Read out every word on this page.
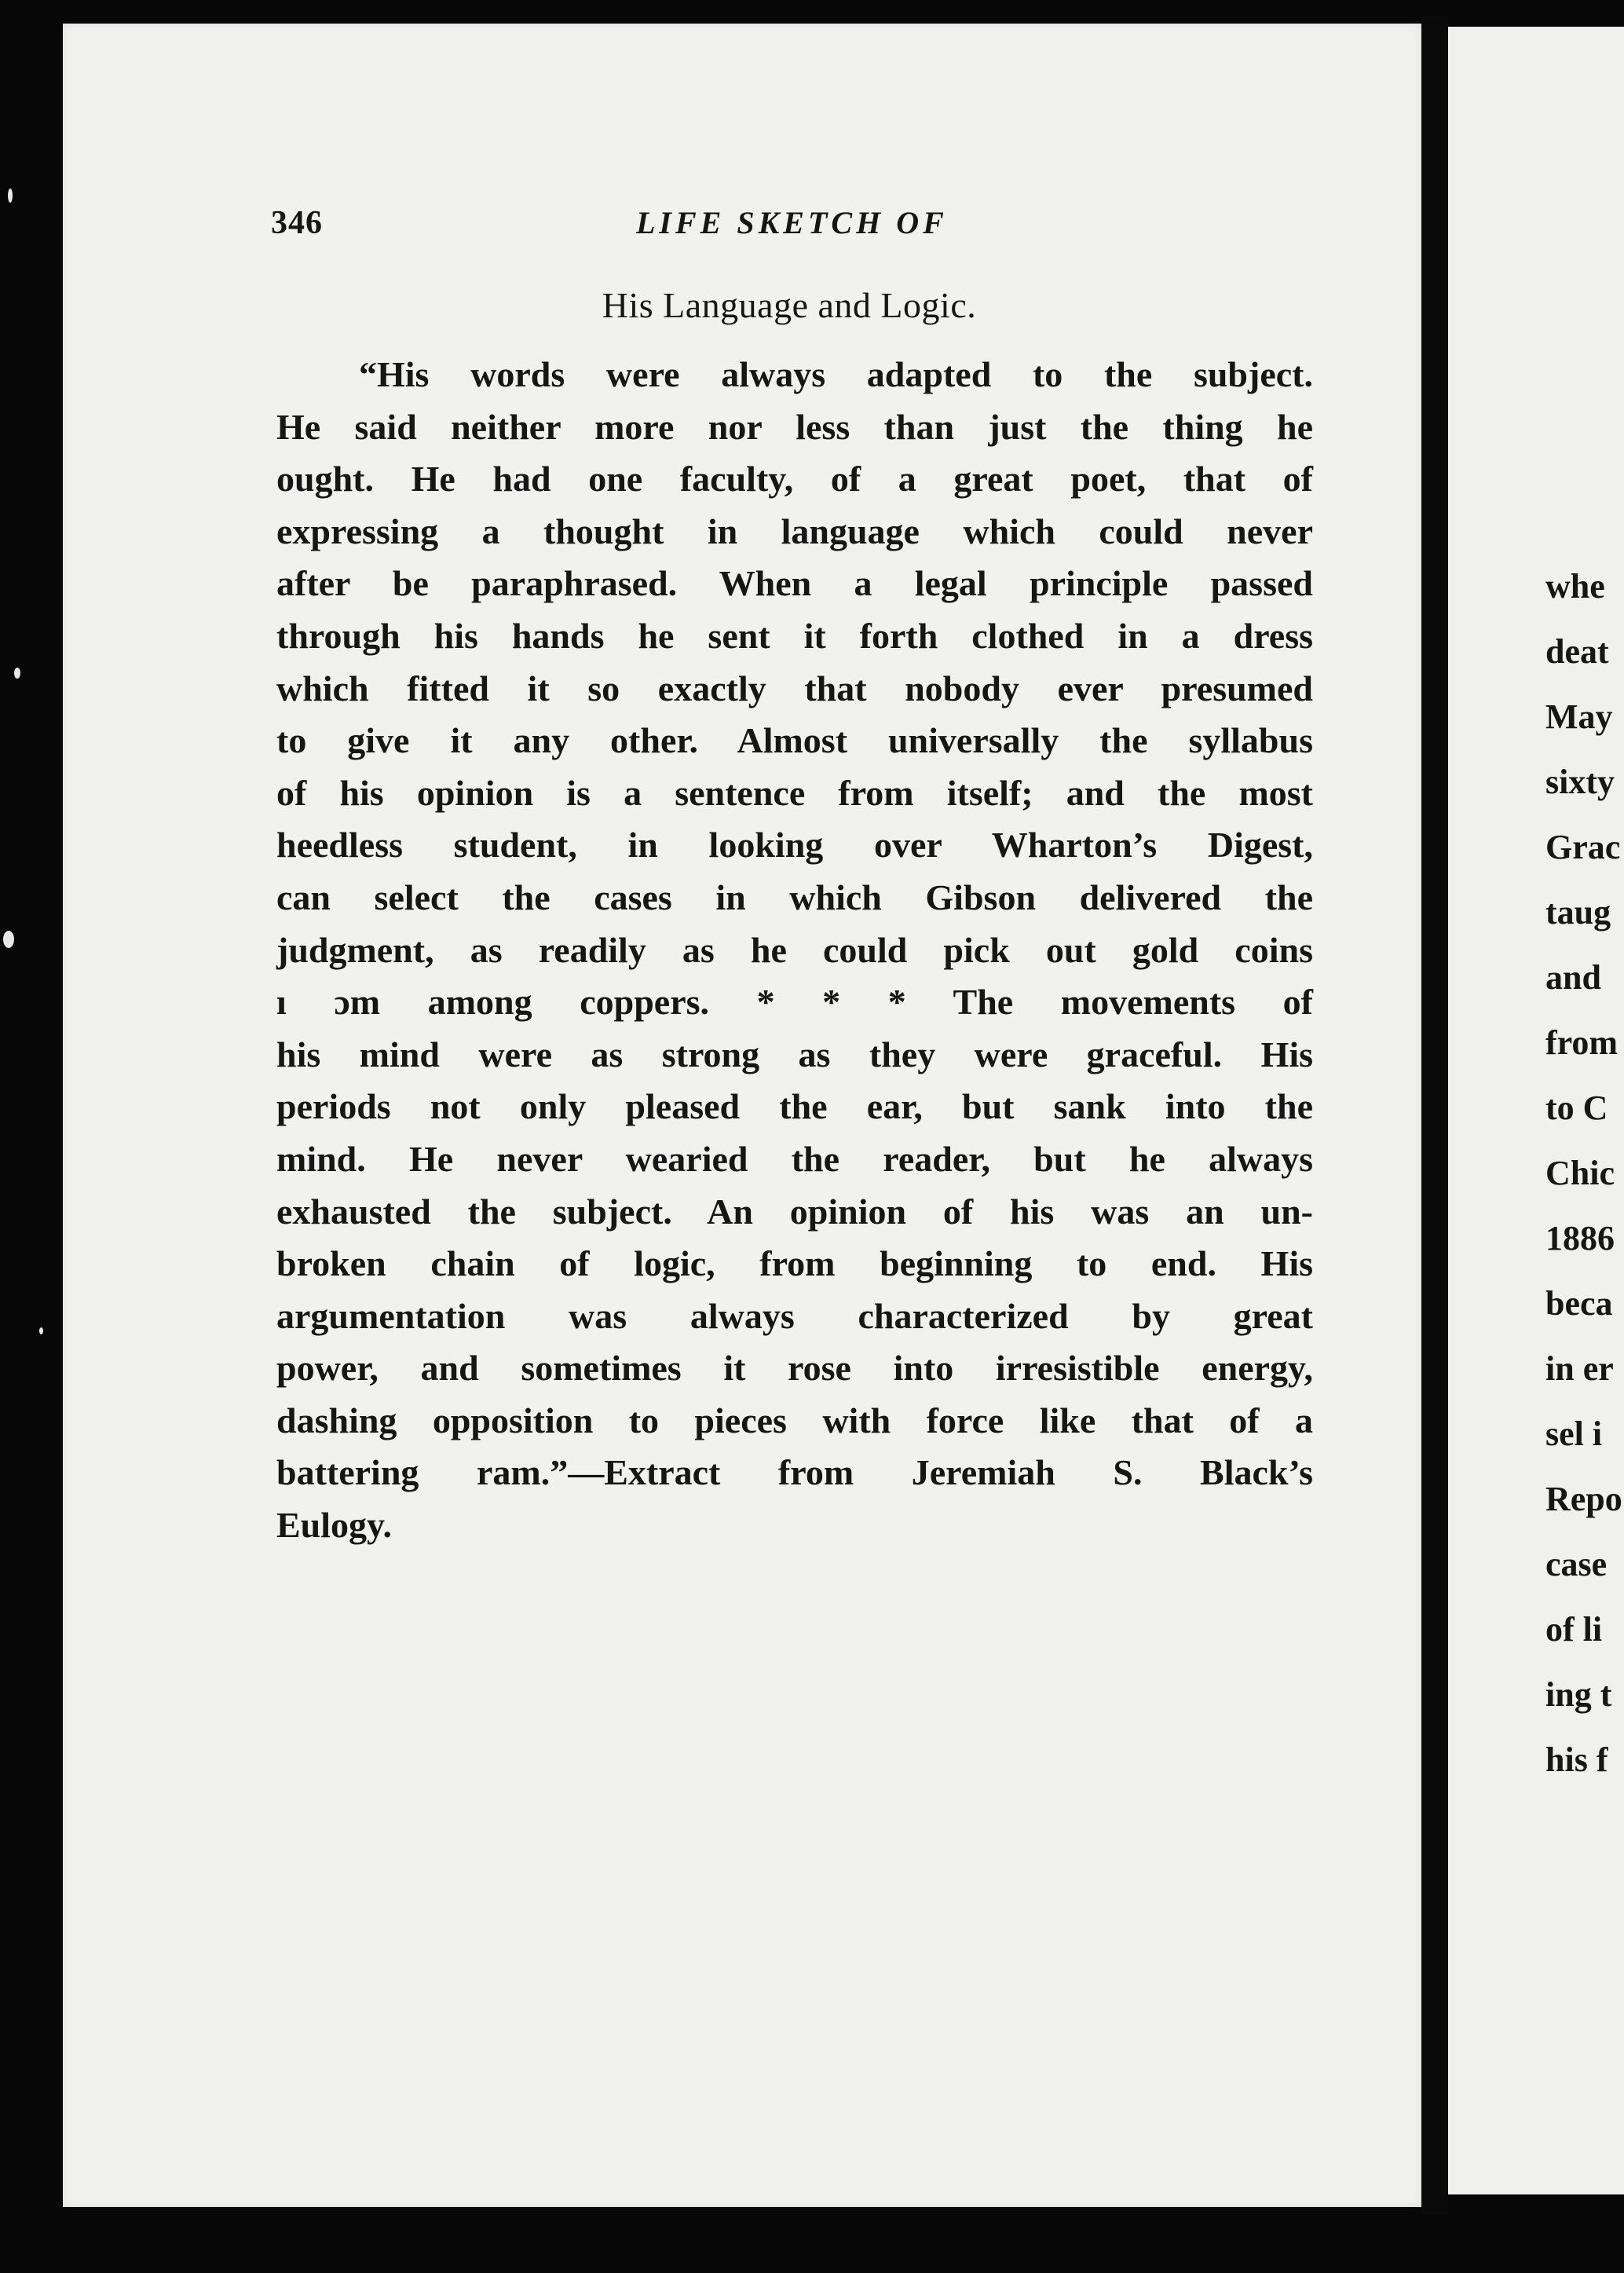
346	LIFE SKETCH OF
His Language and Logic.
“His words were always adapted to the subject.
He said neither more nor less than just the thing he
ought. He had one faculty, of a great poet, that of
expressing a thought in language which could never
after be paraphrased. When a legal principle passed
through his hands he sent it forth clothed in a dress
which fitted it so exactly that nobody ever presumed
to give it any other. Almost universally the syllabus
of his opinion is a sentence from itself; and the most
heedless student, in looking over Wharton’s Digest,
can select the cases in which Gibson delivered the
judgment, as readily as he could pick out gold coins
ı ɔm among coppers. * * * The movements of
his mind were as strong as they were graceful. His
periods not only pleased the ear, but sank into the
mind. He never wearied the reader, but he always
exhausted the subject. An opinion of his was an un-
broken chain of logic, from beginning to end. His
argumentation was always characterized by great
power, and sometimes it rose into irresistible energy,
dashing opposition to pieces with force like that of a
battering ram.”—Extract from Jeremiah S. Black’s
Eulogy.
whe
deat
May
sixty
Grac
taug
and
from
to C
Chic
1886
beca
in er
sel i
Repo
case
of li
ing t
his f
